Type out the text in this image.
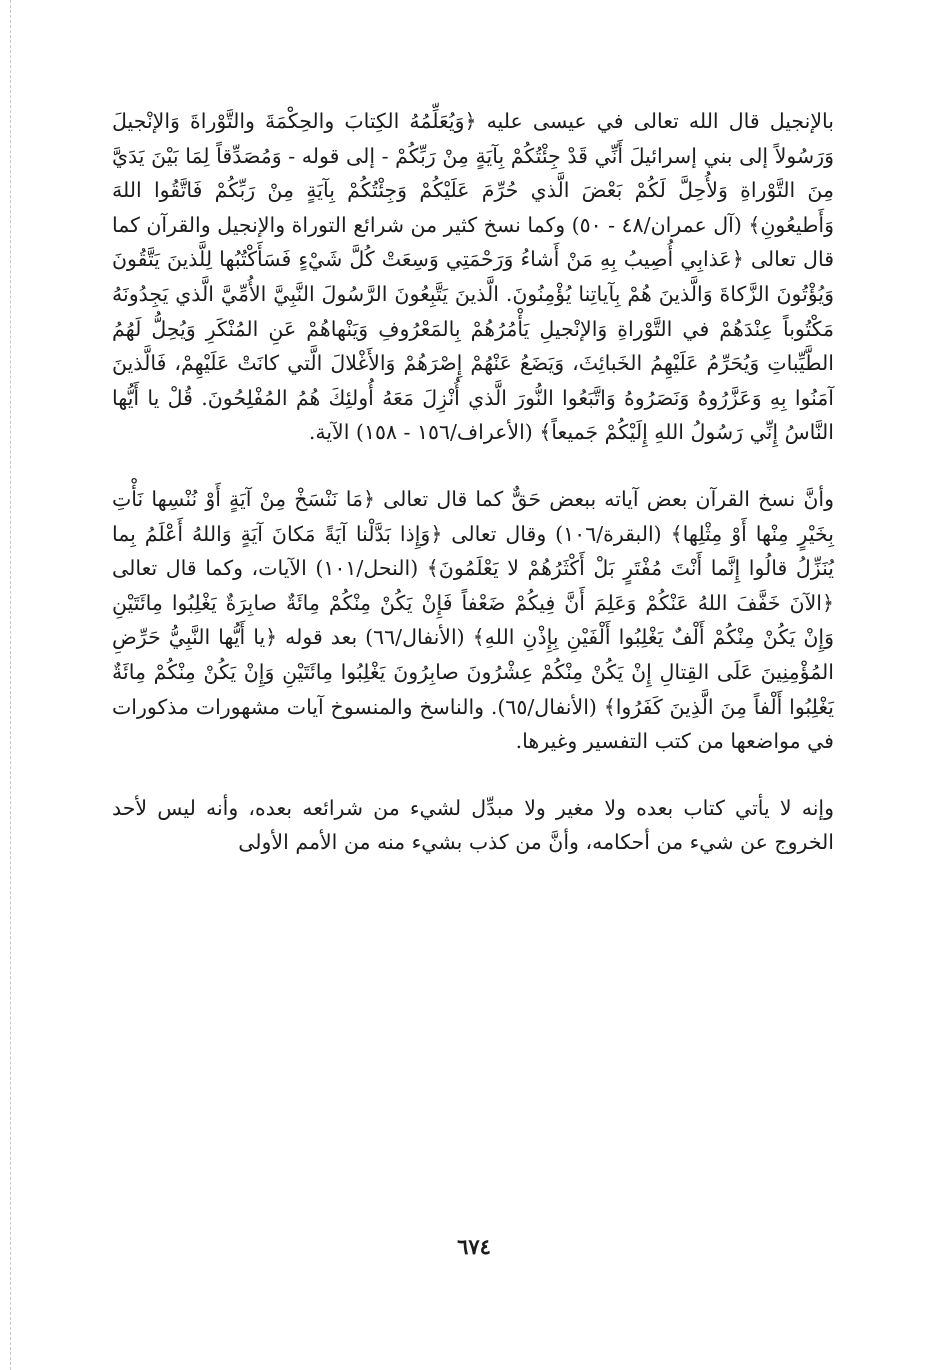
بالإنجيل قال الله تعالى في عيسى عليه ﴿وَيُعَلِّمُهُ الكِتابَ والحِكْمَةَ والتَّوْراةَ وَالإنْجيلَ وَرَسُولاً إلى بني إسرائيلَ أَنِّي قَدْ جِئْتُكُمْ بِآيَةٍ مِنْ رَبِّكُمْ - إلى قوله - وَمُصَدِّقاً لِمَا بَيْنَ يَدَيَّ مِنَ التَّوْراةِ وَلأُحِلَّ لَكُمْ بَعْضَ الَّذي حُرِّمَ عَلَيْكُمْ وَجِئْتُكُمْ بِآيَةٍ مِنْ رَبِّكُمْ فَاتَّقُوا اللهَ وَأَطيعُونِ﴾ (آل عمران/٤٨ - ٥٠) وكما نسخ كثير من شرائع التوراة والإنجيل والقرآن كما قال تعالى ﴿عَذابِي أُصِيبُ بِهِ مَنْ أَشاءُ وَرَحْمَتِي وَسِعَتْ كُلَّ شَيْءٍ فَسَأَكْتُبُها لِلَّذينَ يَتَّقُونَ وَيُؤْتُونَ الزَّكاةَ وَالَّذينَ هُمْ بِآياتِنا يُؤْمِنُونَ. الَّذينَ يَتَّبِعُونَ الرَّسُولَ النَّبِيَّ الأُمِّيَّ الَّذي يَجِدُونَهُ مَكْتُوباً عِنْدَهُمْ في التَّوْراةِ وَالإنْجيلِ يَأْمُرُهُمْ بِالمَعْرُوفِ وَيَنْهاهُمْ عَنِ المُنْكَرِ وَيُحِلُّ لَهُمُ الطَّيِّباتِ وَيُحَرِّمُ عَلَيْهِمُ الخَبائِثَ، وَيَضَعُ عَنْهُمْ إِصْرَهُمْ وَالأَغْلالَ الَّتي كانَتْ عَلَيْهِمْ، فَالَّذينَ آمَنُوا بِهِ وَعَزَّرُوهُ وَنَصَرُوهُ وَاتَّبَعُوا النُّورَ الَّذي أُنْزِلَ مَعَهُ أُولئِكَ هُمُ المُفْلِحُونَ. قُلْ يا أَيُّها النَّاسُ إِنِّي رَسُولُ اللهِ إِلَيْكُمْ جَميعاً﴾ (الأعراف/١٥٦ - ١٥٨) الآية.

وأنَّ نسخ القرآن بعض آياته ببعض حَقٌّ كما قال تعالى ﴿مَا نَنْسَخْ مِنْ آيَةٍ أَوْ نُنْسِها نَأْتِ بِخَيْرٍ مِنْها أَوْ مِثْلِها﴾ (البقرة/١٠٦) وقال تعالى ﴿وَإِذا بَدَّلْنا آيَةً مَكانَ آيَةٍ وَاللهُ أَعْلَمُ بِما يُنَزِّلُ قالُوا إِنَّما أَنْتَ مُفْتَرٍ بَلْ أَكْثَرُهُمْ لا يَعْلَمُونَ﴾ (النحل/١٠١) الآيات، وكما قال تعالى ﴿الآنَ خَفَّفَ اللهُ عَنْكُمْ وَعَلِمَ أَنَّ فِيكُمْ ضَعْفاً فَإِنْ يَكُنْ مِنْكُمْ مِائَةٌ صابِرَةٌ يَغْلِبُوا مِائَتَيْنِ وَإِنْ يَكُنْ مِنْكُمْ أَلْفٌ يَغْلِبُوا أَلْفَيْنِ بِإِذْنِ اللهِ﴾ (الأنفال/٦٦) بعد قوله ﴿يا أَيُّها النَّبِيُّ حَرِّضِ المُؤْمِنِينَ عَلَى القِتالِ إِنْ يَكُنْ مِنْكُمْ عِشْرُونَ صابِرُونَ يَغْلِبُوا مِائَتَيْنِ وَإِنْ يَكُنْ مِنْكُمْ مِائَةٌ يَغْلِبُوا أَلْفاً مِنَ الَّذِينَ كَفَرُوا﴾ (الأنفال/٦٥). والناسخ والمنسوخ آيات مشهورات مذكورات في مواضعها من كتب التفسير وغيرها.

وإنه لا يأتي كتاب بعده ولا مغير ولا مبدِّل لشيء من شرائعه بعده، وأنه ليس لأحد الخروج عن شيء من أحكامه، وأنَّ من كذب بشيء منه من الأمم الأولى

٦٧٤
